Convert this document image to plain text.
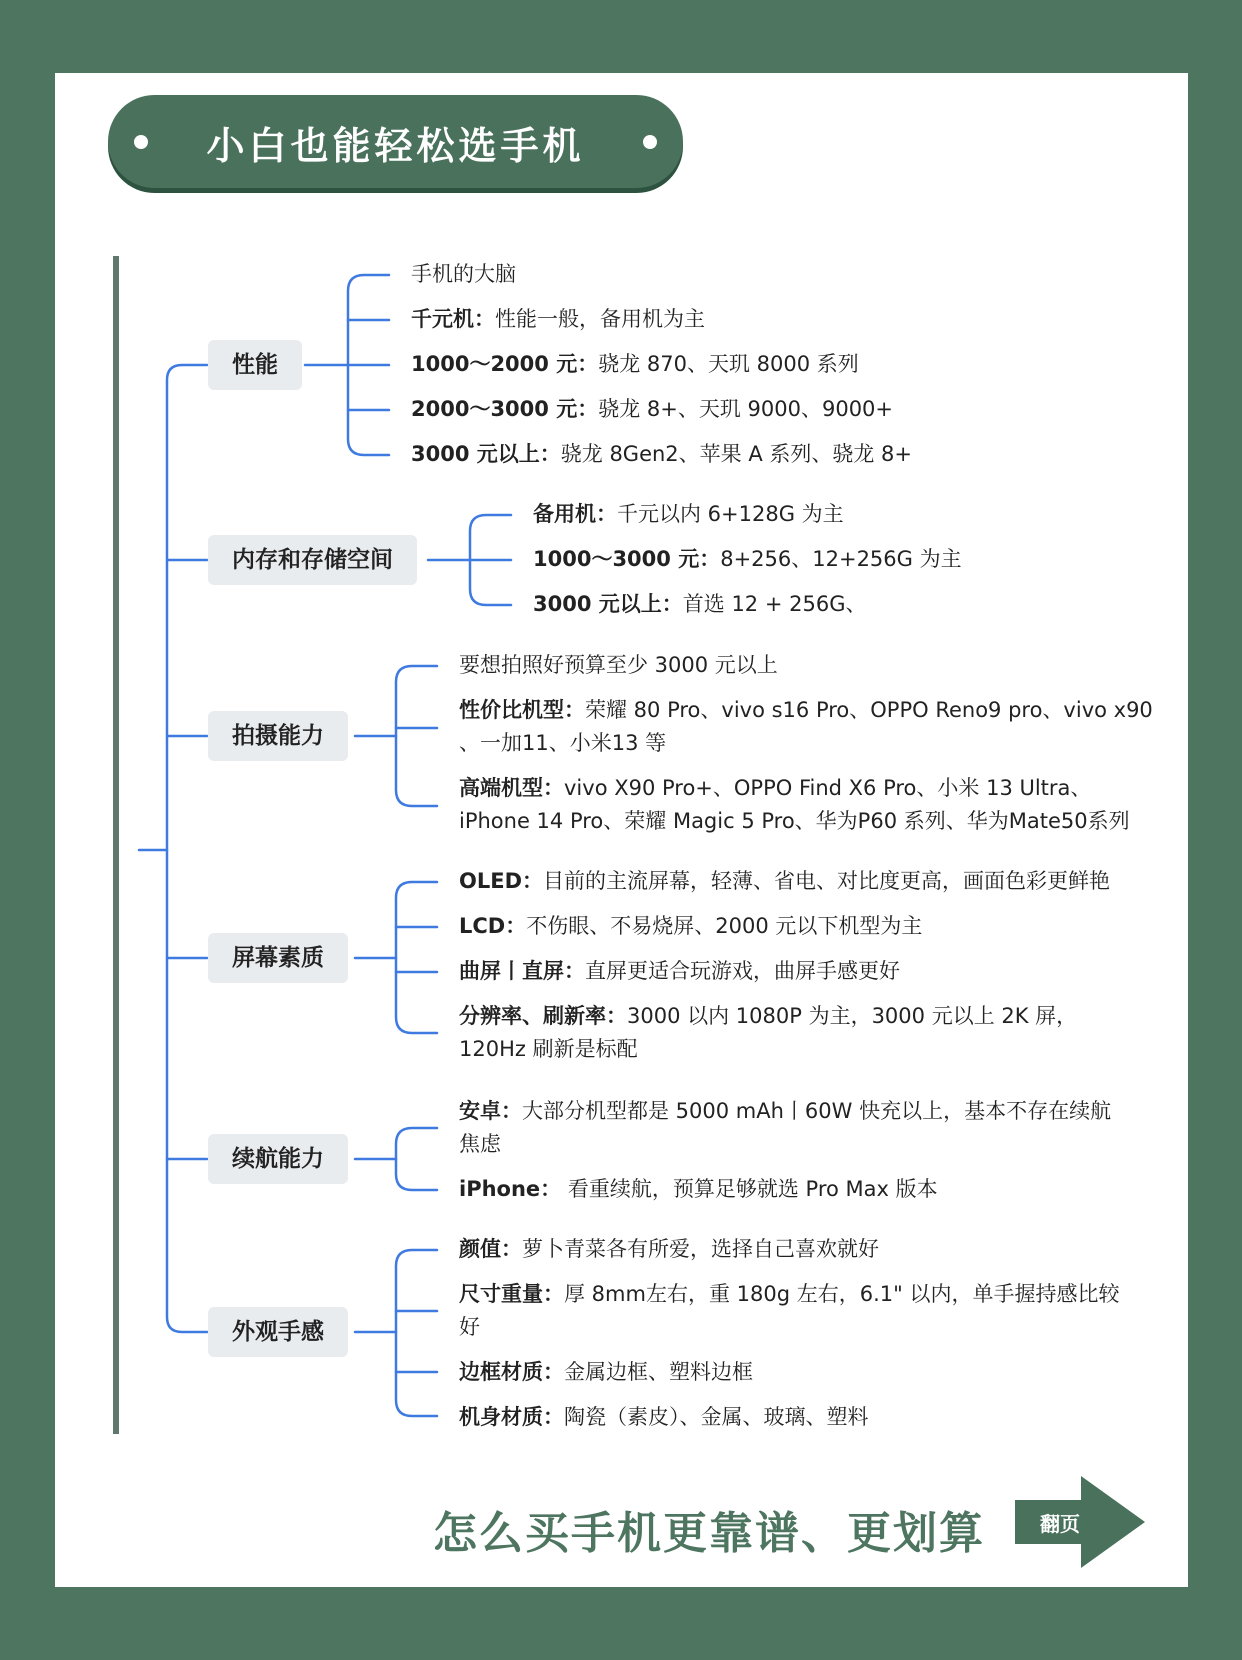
小白也能轻松选手机
性能
内存和存储空间
拍摄能力
屏幕素质
续航能力
外观手感
手机的大脑
千元机：性能一般，备用机为主
1000～2000 元：骁龙 870、天玑 8000 系列
2000～3000 元：骁龙 8+、天玑 9000、9000+
3000 元以上：骁龙 8Gen2、苹果 A 系列、骁龙 8+
备用机：千元以内 6+128G 为主
1000～3000 元：8+256、12+256G 为主
3000 元以上：首选 12 + 256G、
要想拍照好预算至少 3000 元以上
性价比机型：荣耀 80 Pro、vivo s16 Pro、OPPO Reno9 pro、vivo x90
、一加11、小米13 等
高端机型：vivo X90 Pro+、OPPO Find X6 Pro、小米 13 Ultra、
iPhone 14 Pro、荣耀 Magic 5 Pro、华为P60 系列、华为Mate50系列
OLED：目前的主流屏幕，轻薄、省电、对比度更高，画面色彩更鲜艳
LCD：不伤眼、不易烧屏、2000 元以下机型为主
曲屏丨直屏：直屏更适合玩游戏，曲屏手感更好
分辨率、刷新率：3000 以内 1080P 为主，3000 元以上 2K 屏，
120Hz 刷新是标配
安卓：大部分机型都是 5000 mAh丨60W 快充以上，基本不存在续航
焦虑
iPhone： 看重续航，预算足够就选 Pro Max 版本
颜值：萝卜青菜各有所爱，选择自己喜欢就好
尺寸重量：厚 8mm左右，重 180g 左右，6.1" 以内，单手握持感比较
好
边框材质：金属边框、塑料边框
机身材质：陶瓷（素皮）、金属、玻璃、塑料
怎么买手机更靠谱、更划算	翻页
